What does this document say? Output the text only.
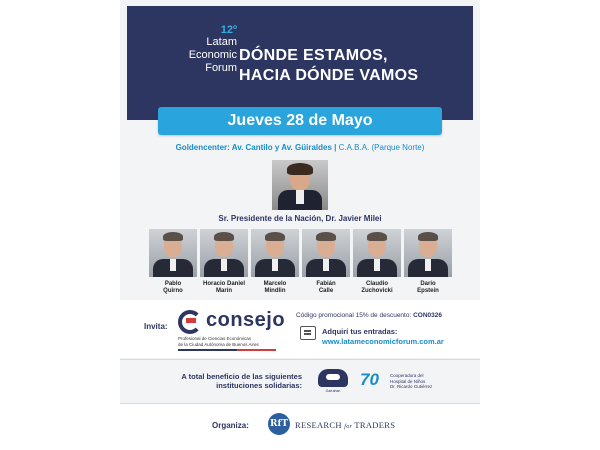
12º
Latam
Economic
Forum
DÓNDE ESTAMOS,
HACIA DÓNDE VAMOS
Jueves 28 de Mayo
Goldencenter: Av. Cantilo y Av. Güiraldes | C.A.B.A. (Parque Norte)
Sr. Presidente de la Nación, Dr. Javier Milei
Pablo
Quirno
Horacio Daniel
Marín
Marcelo
Mindlin
Fabián
Calle
Claudio
Zuchovicki
Darío
Epstein
Invita: consejo
Profesional de Ciencias Económicas
de la Ciudad Autónoma de Buenos Aires
Código promocional 15% de descuento: CON0326
Adquirí tus entradas:
www.latameconomicforum.com.ar
A total beneficio de las siguientes
instituciones solidarias:
Garrahan
70 Cooperadora del
Hospital de Niños
Dr. Ricardo Gutiérrez
Organiza: RfT RESEARCH for TRADERS
